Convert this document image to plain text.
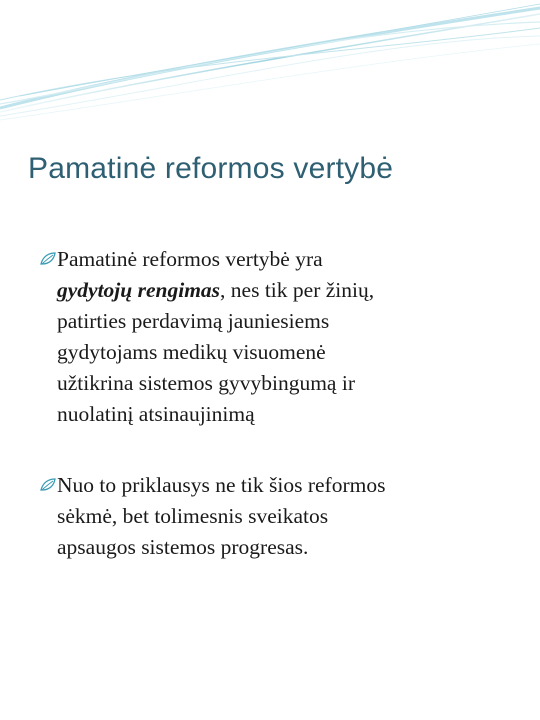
Pamatinė reformos vertybė
Pamatinė reformos vertybė yra
gydytojų rengimas, nes tik per žinių,
patirties perdavimą jauniesiems
gydytojams medikų visuomenė
užtikrina sistemos gyvybingumą ir
nuolatinį atsinaujinimą
Nuo to priklausys ne tik šios reformos
sėkmė, bet tolimesnis sveikatos
apsaugos sistemos progresas.
